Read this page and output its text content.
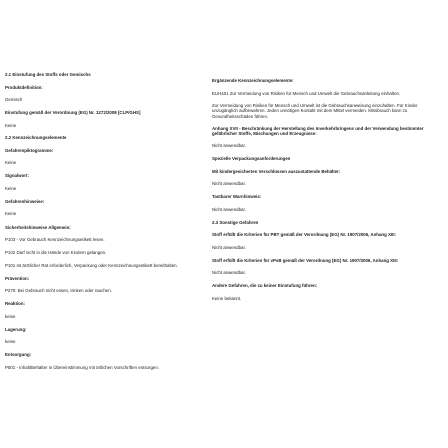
2.1 Einstufung des Stoffs oder Gemischs
Produktdefinition:
Gemisch
Einstufung gemäß der Verordnung (EG) Nr. 1272/2008 [CLP/GHS]
Keine
2.2 Kennzeichnungselemente
Gefahrenpiktogramme:
Keine
Signalwort:
Keine
Gefahrenhinweise:
Keine
Sicherheitshinweise Allgemein:
P103 - Vor Gebrauch Kennzeichnungsetikett lesen.
P102 Darf nicht in die Hände von Kindern gelangen.
P101 Ist ärztlicher Rat erforderlich, Verpackung oder Kennzeichnungsetikett bereithalten.
Prävention:
P270: Bei Gebrauch nicht essen, trinken oder rauchen.
Reaktion:
keine
Lagerung:
keine
Entsorgung:
P501 - Inhalt/Behälter in Übereinstimmung mit örtlichen Vorschriften entsorgen.
Ergänzende Kennzeichnungselemente:
EUH401 Zur Vermeidung von Risiken für Mensch und Umwelt die Gebrauchsanleitung einhalten.
Zur Vermeidung von Risiken für Mensch und Umwelt ist die Gebrauchsanweisung einzuhalten. Für Kinder unzugänglich aufbewahren. Jeden unnötigen Kontakt mit dem Mittel vermeiden. Missbrauch kann zu Gesundheitsschäden führen.
Anhang XVII - Beschränkung der Herstellung des Inverkehrbringens und der Verwendung bestimmter gefährlicher Stoffe, Mischungen und Erzeugnisse:
Nicht anwendbar.
Spezielle Verpackungsanforderungen
Mit kindergesicherten Verschlüssen auszustattende Behälter:
Nicht anwendbar.
Tastbarer Warnhinweis:
Nicht anwendbar.
2.3 Sonstige Gefahren
Stoff erfüllt die Kriterien für PBT gemäß der Verordnung (EG) Nr. 1907/2006, Anhang XIII:
Nicht anwendbar.
Stoff erfüllt die Kriterien für vPvB gemäß der Verordnung (EG) Nr. 1907/2006, Anhang XIII:
Nicht anwendbar.
Andere Gefahren, die zu keiner Einstufung führen:
Keine bekannt.
